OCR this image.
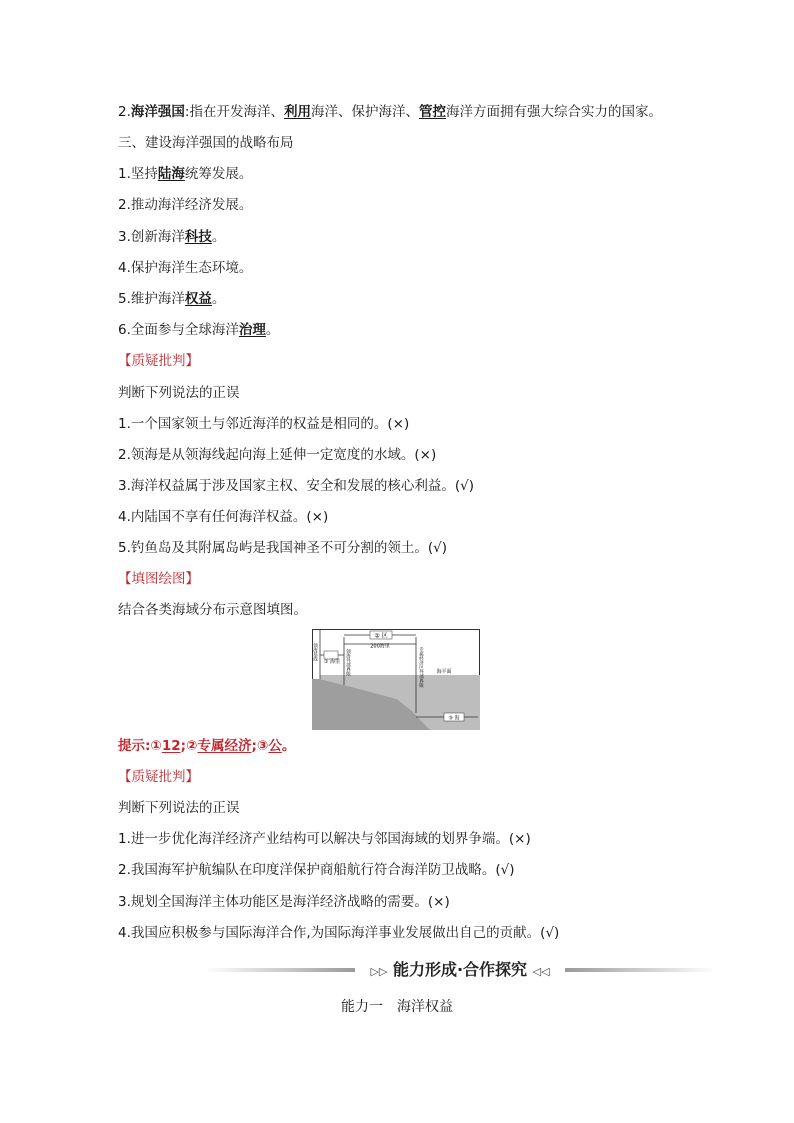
2.海洋强国:指在开发海洋、利用海洋、保护海洋、管控海洋方面拥有强大综合实力的国家。
三、建设海洋强国的战略布局
1.坚持陆海统筹发展。
2.推动海洋经济发展。
3.创新海洋科技。
4.保护海洋生态环境。
5.维护海洋权益。
6.全面参与全球海洋治理。
【质疑批判】
判断下列说法的正误
1.一个国家领土与邻近海洋的权益是相同的。(×)
2.领海是从领海线起向海上延伸一定宽度的水域。(×)
3.海洋权益属于涉及国家主权、安全和发展的核心利益。(√)
4.内陆国不享有任何海洋权益。(×)
5.钓鱼岛及其附属岛屿是我国神圣不可分割的领土。(√)
【填图绘图】
结合各类海域分布示意图填图。
② 区
200海里
① 海里
海平面
③ 海
领海基线	领海外部界限	专属经济区外部界限
提示:①12;②专属经济;③公。
【质疑批判】
判断下列说法的正误
1.进一步优化海洋经济产业结构可以解决与邻国海域的划界争端。(×)
2.我国海军护航编队在印度洋保护商船航行符合海洋防卫战略。(√)
3.规划全国海洋主体功能区是海洋经济战略的需要。(×)
4.我国应积极参与国际海洋合作,为国际海洋事业发展做出自己的贡献。(√)
▷▷ 能力形成·合作探究 ◁◁
能力一　海洋权益
